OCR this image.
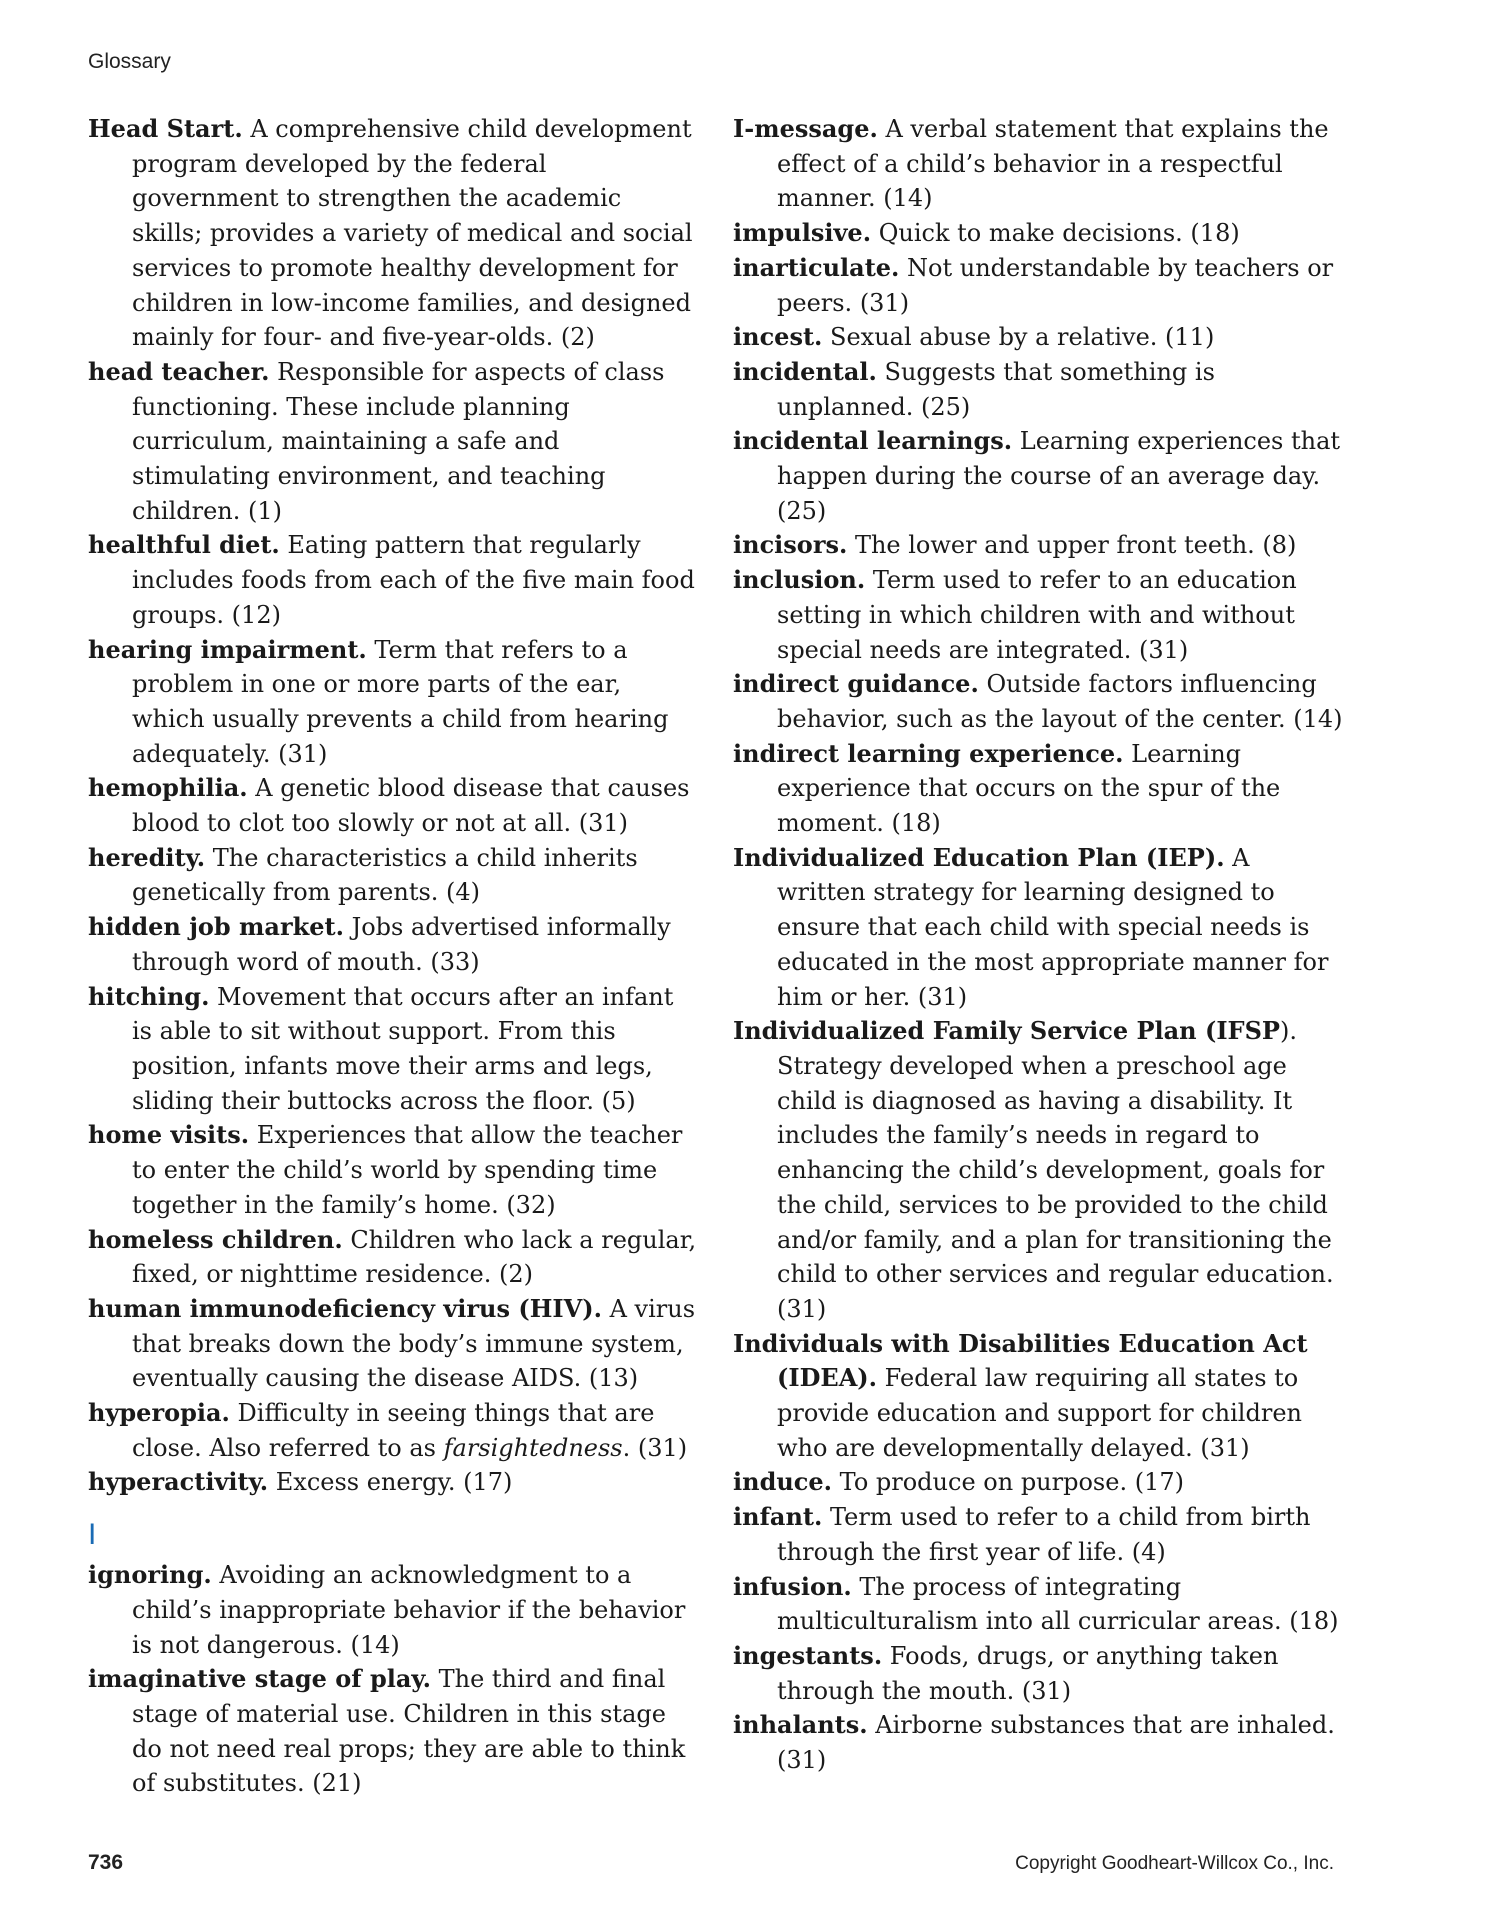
Glossary

Head Start. A comprehensive child development program developed by the federal government to strengthen the academic skills; provides a variety of medical and social services to promote healthy development for children in low-income families, and designed mainly for four- and five-year-olds. (2)

head teacher. Responsible for aspects of class functioning. These include planning curriculum, maintaining a safe and stimulating environment, and teaching children. (1)

healthful diet. Eating pattern that regularly includes foods from each of the five main food groups. (12)

hearing impairment. Term that refers to a problem in one or more parts of the ear, which usually prevents a child from hearing adequately. (31)

hemophilia. A genetic blood disease that causes blood to clot too slowly or not at all. (31)

heredity. The characteristics a child inherits genetically from parents. (4)

hidden job market. Jobs advertised informally through word of mouth. (33)

hitching. Movement that occurs after an infant is able to sit without support. From this position, infants move their arms and legs, sliding their buttocks across the floor. (5)

home visits. Experiences that allow the teacher to enter the child’s world by spending time together in the family’s home. (32)

homeless children. Children who lack a regular, fixed, or nighttime residence. (2)

human immunodeficiency virus (HIV). A virus that breaks down the body’s immune system, eventually causing the disease AIDS. (13)

hyperopia. Difficulty in seeing things that are close. Also referred to as farsightedness. (31)

hyperactivity. Excess energy. (17)

I

ignoring. Avoiding an acknowledgment to a child’s inappropriate behavior if the behavior is not dangerous. (14)

imaginative stage of play. The third and final stage of material use. Children in this stage do not need real props; they are able to think of substitutes. (21)

I-message. A verbal statement that explains the effect of a child’s behavior in a respectful manner. (14)

impulsive. Quick to make decisions. (18)

inarticulate. Not understandable by teachers or peers. (31)

incest. Sexual abuse by a relative. (11)

incidental. Suggests that something is unplanned. (25)

incidental learnings. Learning experiences that happen during the course of an average day. (25)

incisors. The lower and upper front teeth. (8)

inclusion. Term used to refer to an education setting in which children with and without special needs are integrated. (31)

indirect guidance. Outside factors influencing behavior, such as the layout of the center. (14)

indirect learning experience. Learning experience that occurs on the spur of the moment. (18)

Individualized Education Plan (IEP). A written strategy for learning designed to ensure that each child with special needs is educated in the most appropriate manner for him or her. (31)

Individualized Family Service Plan (IFSP). Strategy developed when a preschool age child is diagnosed as having a disability. It includes the family’s needs in regard to enhancing the child’s development, goals for the child, services to be provided to the child and/or family, and a plan for transitioning the child to other services and regular education. (31)

Individuals with Disabilities Education Act (IDEA). Federal law requiring all states to provide education and support for children who are developmentally delayed. (31)

induce. To produce on purpose. (17)

infant. Term used to refer to a child from birth through the first year of life. (4)

infusion. The process of integrating multiculturalism into all curricular areas. (18)

ingestants. Foods, drugs, or anything taken through the mouth. (31)

inhalants. Airborne substances that are inhaled. (31)

736	Copyright Goodheart-Willcox Co., Inc.
